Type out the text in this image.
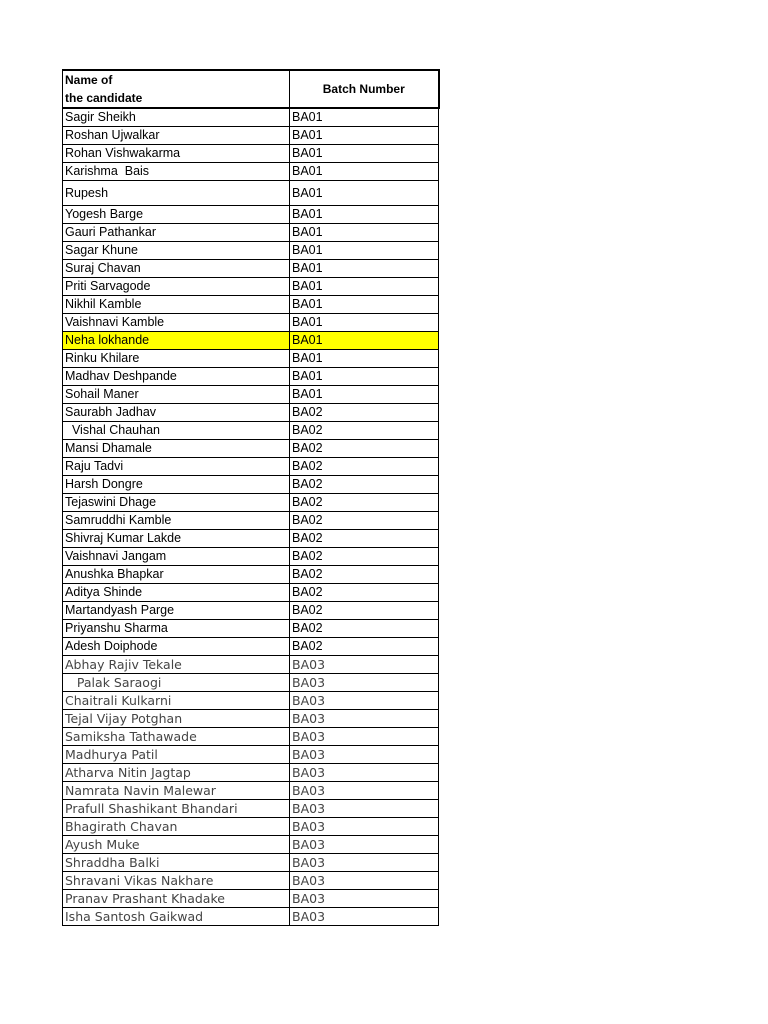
Name of
the candidate	Batch Number
Sagir Sheikh	BA01
Roshan Ujwalkar	BA01
Rohan Vishwakarma	BA01
Karishma  Bais	BA01
Rupesh	BA01
Yogesh Barge	BA01
Gauri Pathankar	BA01
Sagar Khune	BA01
Suraj Chavan	BA01
Priti Sarvagode	BA01
Nikhil Kamble	BA01
Vaishnavi Kamble	BA01
Neha lokhande	BA01
Rinku Khilare	BA01
Madhav Deshpande	BA01
Sohail Maner	BA01
Saurabh Jadhav	BA02
Vishal Chauhan	BA02
Mansi Dhamale	BA02
Raju Tadvi	BA02
Harsh Dongre	BA02
Tejaswini Dhage	BA02
Samruddhi Kamble	BA02
Shivraj Kumar Lakde	BA02
Vaishnavi Jangam	BA02
Anushka Bhapkar	BA02
Aditya Shinde	BA02
Martandyash Parge	BA02
Priyanshu Sharma	BA02
Adesh Doiphode	BA02
Abhay Rajiv Tekale	BA03
Palak Saraogi	BA03
Chaitrali Kulkarni	BA03
Tejal Vijay Potghan	BA03
Samiksha Tathawade	BA03
Madhurya Patil	BA03
Atharva Nitin Jagtap	BA03
Namrata Navin Malewar	BA03
Prafull Shashikant Bhandari	BA03
Bhagirath Chavan	BA03
Ayush Muke	BA03
Shraddha Balki	BA03
Shravani Vikas Nakhare	BA03
Pranav Prashant Khadake	BA03
Isha Santosh Gaikwad	BA03
